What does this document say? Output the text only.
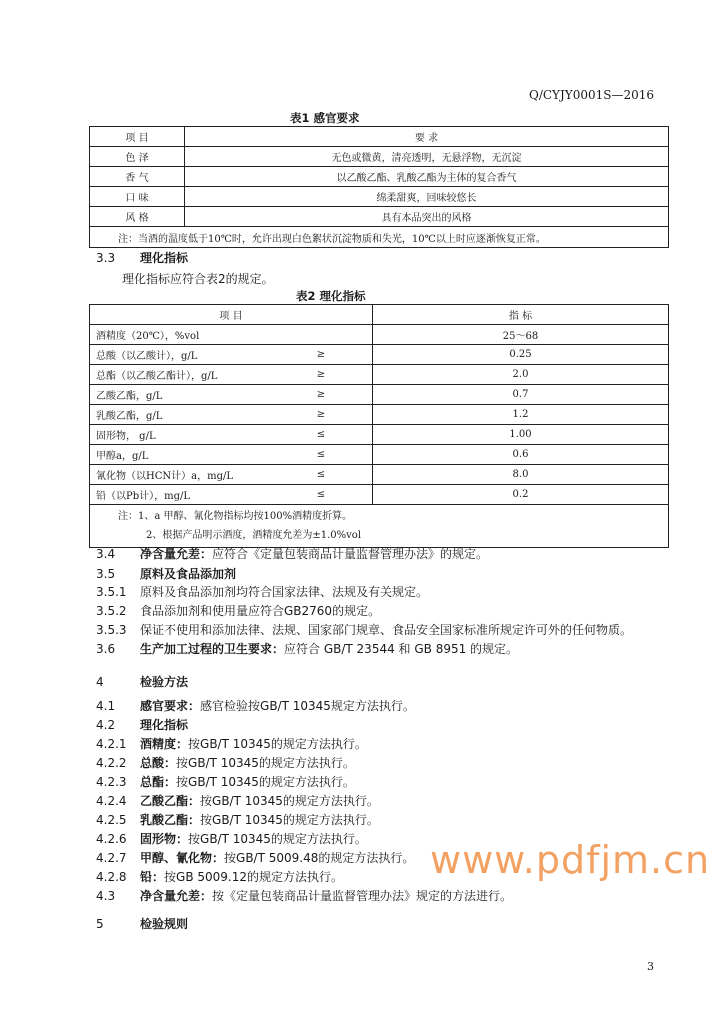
Q/CYJY0001S—2016
表1 感官要求
项 目	要 求
色 泽	无色或微黄，清亮透明，无悬浮物，无沉淀
香 气	以乙酸乙酯、乳酸乙酯为主体的复合香气
口 味	绵柔甜爽，回味较悠长
风 格	具有本品突出的风格
注：当酒的温度低于10℃时，允许出现白色絮状沉淀物质和失光，10℃以上时应逐渐恢复正常。	
3.3 理化指标
理化指标应符合表2的规定。
表2 理化指标
项 目		指 标
酒精度（20℃），%vol		25～68
总酸（以乙酸计），g/L	≥	0.25
总酯（以乙酸乙酯计），g/L	≥	2.0
乙酸乙酯，g/L	≥	0.7
乳酸乙酯，g/L	≥	1.2
固形物， g/L	≤	1.00
甲醇a，g/L	≤	0.6
氰化物（以HCN计）a，mg/L	≤	8.0
铅（以Pb计），mg/L	≤	0.2

注：1、a 甲醇、氰化物指标均按100%酒精度折算。
2、根据产品明示酒度，酒精度允差为±1.0%vol		
3.4 净含量允差：应符合《定量包装商品计量监督管理办法》的规定。
3.5 原料及食品添加剂
3.5.1 原料及食品添加剂均符合国家法律、法规及有关规定。
3.5.2 食品添加剂和使用量应符合GB2760的规定。
3.5.3 保证不使用和添加法律、法规、国家部门规章、食品安全国家标准所规定许可外的任何物质。
3.6 生产加工过程的卫生要求：应符合 GB/T 23544 和 GB 8951 的规定。
4	检验方法
4.1 感官要求：感官检验按GB/T 10345规定方法执行。
4.2 理化指标
4.2.1 酒精度：按GB/T 10345的规定方法执行。
4.2.2 总酸：按GB/T 10345的规定方法执行。
4.2.3 总酯：按GB/T 10345的规定方法执行。
4.2.4 乙酸乙酯：按GB/T 10345的规定方法执行。
4.2.5 乳酸乙酯：按GB/T 10345的规定方法执行。
4.2.6 固形物：按GB/T 10345的规定方法执行。
4.2.7 甲醇、氰化物：按GB/T 5009.48的规定方法执行。
4.2.8 铅：按GB 5009.12的规定方法执行。
4.3 净含量允差：按《定量包装商品计量监督管理办法》规定的方法进行。
5	检验规则
www.pdfjm.cn
3
